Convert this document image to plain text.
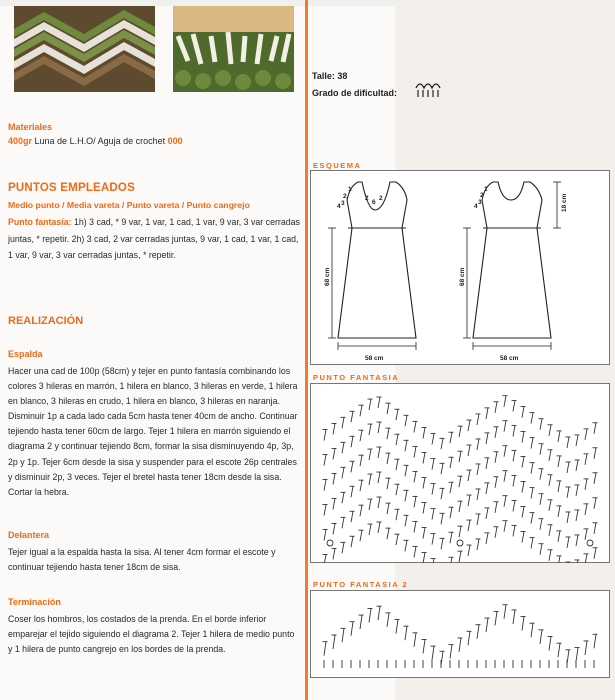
Talle: 38
Grado de dificultad:
Materiales
400gr Luna de L.H.O/ Aguja de crochet 000
PUNTOS EMPLEADOS
Medio punto / Media vareta / Punto vareta / Punto cangrejo
Punto fantasía: 1h) 3 cad, * 9 var, 1 var, 1 cad, 1 var, 9 var, 3 var cerradas juntas, * repetir. 2h) 3 cad, 2 var cerradas juntas, 9 var, 1 cad, 1 var, 1 cad, 1 var, 9 var, 3 var cerradas juntas, * repetir.
REALIZACIÓN
Espalda
Hacer una cad de 100p (58cm) y tejer en punto fantasía combinando los colores 3 hileras en marrón, 1 hilera en blanco, 3 hileras en verde, 1 hilera en blanco, 3 hileras en crudo, 1 hilera en blanco, 3 hileras en naranja. Disminuir 1p a cada lado cada 5cm hasta tener 40cm de ancho. Continuar tejiendo hasta tener 60cm de largo. Tejer 1 hilera en marrón siguiendo el diagrama 2 y continuar tejiendo 8cm, formar la sisa disminuyendo 4p, 3p, 2p y 1p. Tejer 6cm desde la sisa y suspender para el escote 26p centrales y disminuir 2p, 3 veces. Tejer el bretel hasta tener 18cm desde la sisa. Cortar la hebra.
Delantera
Tejer igual a la espalda hasta la sisa. Al tener 4cm formar el escote y continuar tejiendo hasta tener 18cm de sisa.
Terminación
Coser los hombros, los costados de la prenda. En el borde inferior emparejar el tejido siguiendo el diagrama 2. Tejer 1 hilera de medio punto y 1 hilera de punto cangrejo en los bordes de la prenda.
ESQUEMA
58 cm	58 cm
68 cm	68 cm
18 cm
4 3
2
1
2
6
2
4
3
2
1
PUNTO FANTASIA
PUNTO FANTASIA 2
